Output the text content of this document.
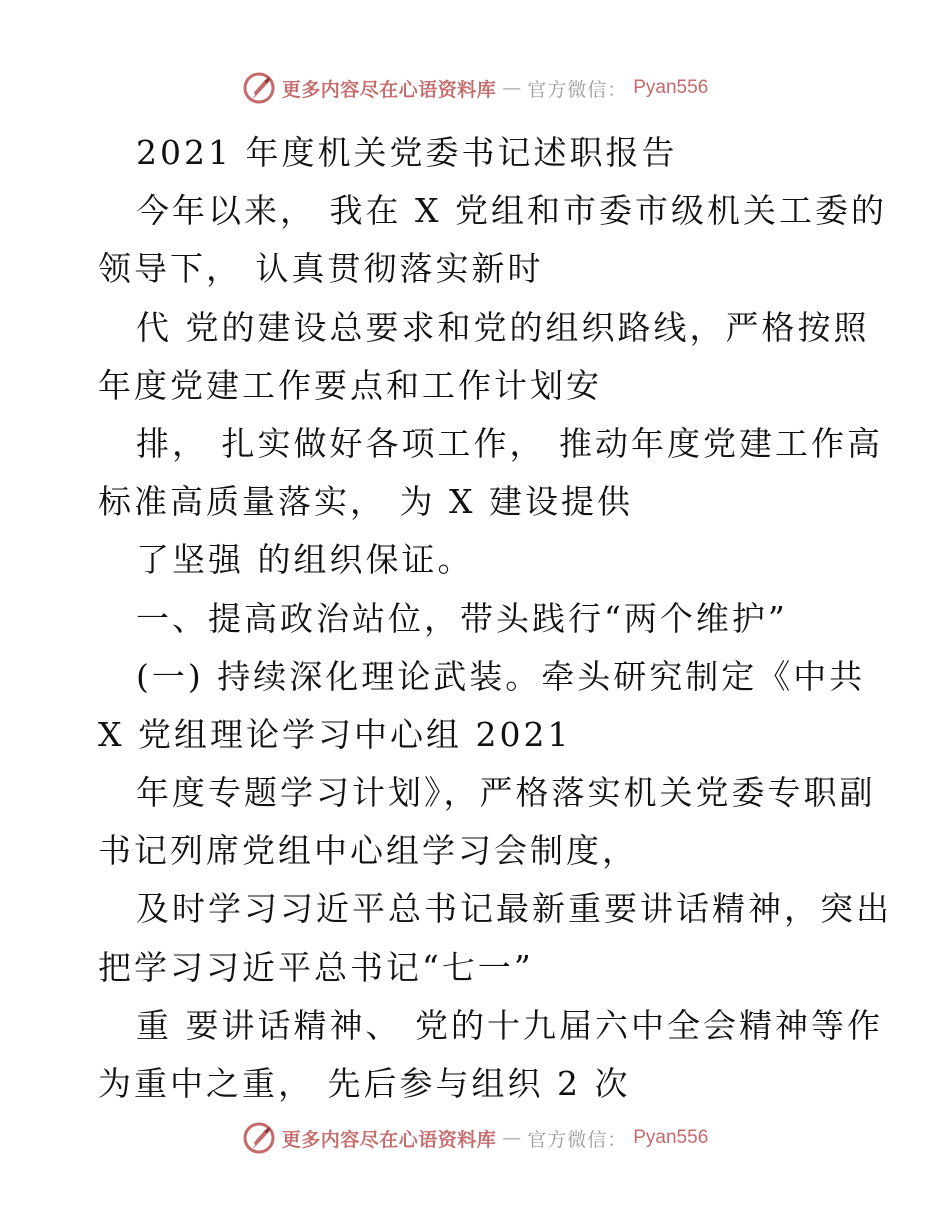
更多内容尽在心语资料库 — 官方微信： Pyan556
2021 年度机关党委书记述职报告
今年以来， 我在 X 党组和市委市级机关工委的
领导下， 认真贯彻落实新时
代 党的建设总要求和党的组织路线，严格按照
年度党建工作要点和工作计划安
排， 扎实做好各项工作， 推动年度党建工作高
标准高质量落实， 为 X 建设提供
了坚强 的组织保证。
一、提高政治站位，带头践行“两个维护”
(一) 持续深化理论武装。牵头研究制定《中共
X 党组理论学习中心组 2021
年度专题学习计划》，严格落实机关党委专职副
书记列席党组中心组学习会制度，
及时学习习近平总书记最新重要讲话精神，突出
把学习习近平总书记“七一”
重 要讲话精神、 党的十九届六中全会精神等作
为重中之重， 先后参与组织 2 次
更多内容尽在心语资料库 — 官方微信： Pyan556
